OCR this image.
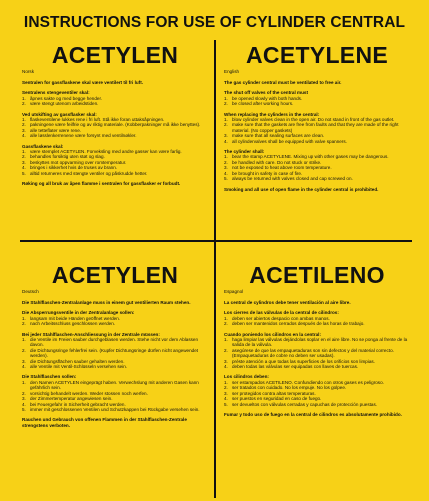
INSTRUCTIONS FOR USE OF CYLINDER CENTRAL
ACETYLEN
Norsk

Sentralen for gassflaskene skal være ventilert til fri luft.

Sentralens stengeventiler skal:

1. åpnes sakte og med begge hender.
2. være stengt utenom arbeidstiden.

Ved utskifting av gassflasker skal:

1. flaskeventilene lukkes rene i fri luft. Stå ikke foran uttaksåpningen.
2. pakningene være feilfrie og av riktig materiale. (Kobberpakninger må ikke benyttes).
3. alle tetteflater være rene.
4. alle løsslenkerrenene være forsynt med ventilnøkler.

Gassflaskene skal:

1. være stemplet ACETYLEN. Forveksling med andre gasser kan være farlig.
2. behandles forsiktig uten støt og slag.
3. beskyttes mot oppvarming over romtemperatur.
4. bringes i sikkerhet hvis de truses av brann.
5. alltid returneres med stengte ventiler og påskrudde hetter.

Røking og all bruk av åpen flamme i sentralen for gassflasker er forbudt.

ACETYLENE
English

The gas cylinder central must be ventilated to free air.

The shut off valves of the central must

1. be opened slowly with both hands.
2. be closed after working hours.

When replacing the cylinders in the central:

1. blow cylinder valves clean in the open air. Do not stand in front of the gas outlet.
2. make sure that the gaskets are free from faults and that they are made of the right material. (No copper gaskets)
3. make sure that all sealing surfaces are clean.
4. all cylindervalves shall be equipped with valve spanners.

The cylinder shall:

1. bear the stamp ACETYLENE. Mixing up with other gases may be dangerous.
2. be handled with care. Do not stuck or strike.
3. not be exposed to heat above room temperature.
4. be brought in safety in case of fire.
5. always be returned with valves closed and cap screwed on.

Smoking and all use of open flame in the cylinder central is prohibited.

ACETYLEN
Deutsch

Die Stahlflaschen-Zentralanlage muss in einem gut ventilierten Raum stehen.

Die Absperrungsventile in der Zentralanlage sollen:

1. langsam mit beide Händen geöffnet werden.
2. nach Arbeitsschluss geschlossen werden.

Bei jeder Stahlflaschen-Anschliessung in der Zentrale müssen:

1. die Ventile im Freien sauber durchgeblasen werden. Stehe nicht vor dem Ablassen davon.
2. die Dichtungsringe fehlerfrei sein. (Kupfer Dichtungsringe dürfen nicht angewendet werden).
3. die Dichtungsflächen sauber gehalten werden.
4. alle Ventile mit Ventil-Schlüsseln versehen sein.

Die Stahlflaschen sollen:

1. den Namen ACETYLEN eingeprägt haben. Verwechslung mit anderen Gasen kann gefährlich sein.
2. vorsichtig behandelt werden. Weder stossen noch werfen.
3. der Zimmertemperatur angewiesen sein.
4. bei Feuergefahr in Sicherheit gebracht werden.
5. immer mit geschlossenen Ventilen und Schutzkappen bei Rückgabe versehen sein.

Rauchen und Gebrauch von offenen Flammen in der Stahlflaschen-Zentrale strengstens verboten.

ACETILENO
Espagnol

La central de cylindros debe tener ventilación al aire libre.

Los cierres de las válvulas de la central de cilindros:

1. deben ser abiertos despacio con ambas manos.
2. deben ser mantenidos cerrados después de las horas de trabajo.

Cuando poniendo los cilindros en la central:

1. haga limpiar las válvulas dejándolas soplar en el aire libre. No se ponga al frente de la salida de la válvula.
2. asegúrese de que las empaquetaduras son sin defectos y del material correcto. (Empaquetaduras de cobre no deben ser usadas).
3. préste atención a que todas las superficies de los orificios son limpias.
4. deben todas las válvulas ser equipadas con llaves de tuercas.

Los cilindros deben:

1. ser estampados ACETILENO. Confundiendo con otros gases es peligroso.
2. ser tratados con cuidado. No los empuje. No los golpee.
3. ser protegidos contra altas temperaturas.
4. ser puestos en seguridad en caso de fuego.
5. ser devueltos con válvulas cerradas y capuchas de protección puestas.

Fumar y todo uso de fuego en la central de cilindros es absolutamente prohibido.
